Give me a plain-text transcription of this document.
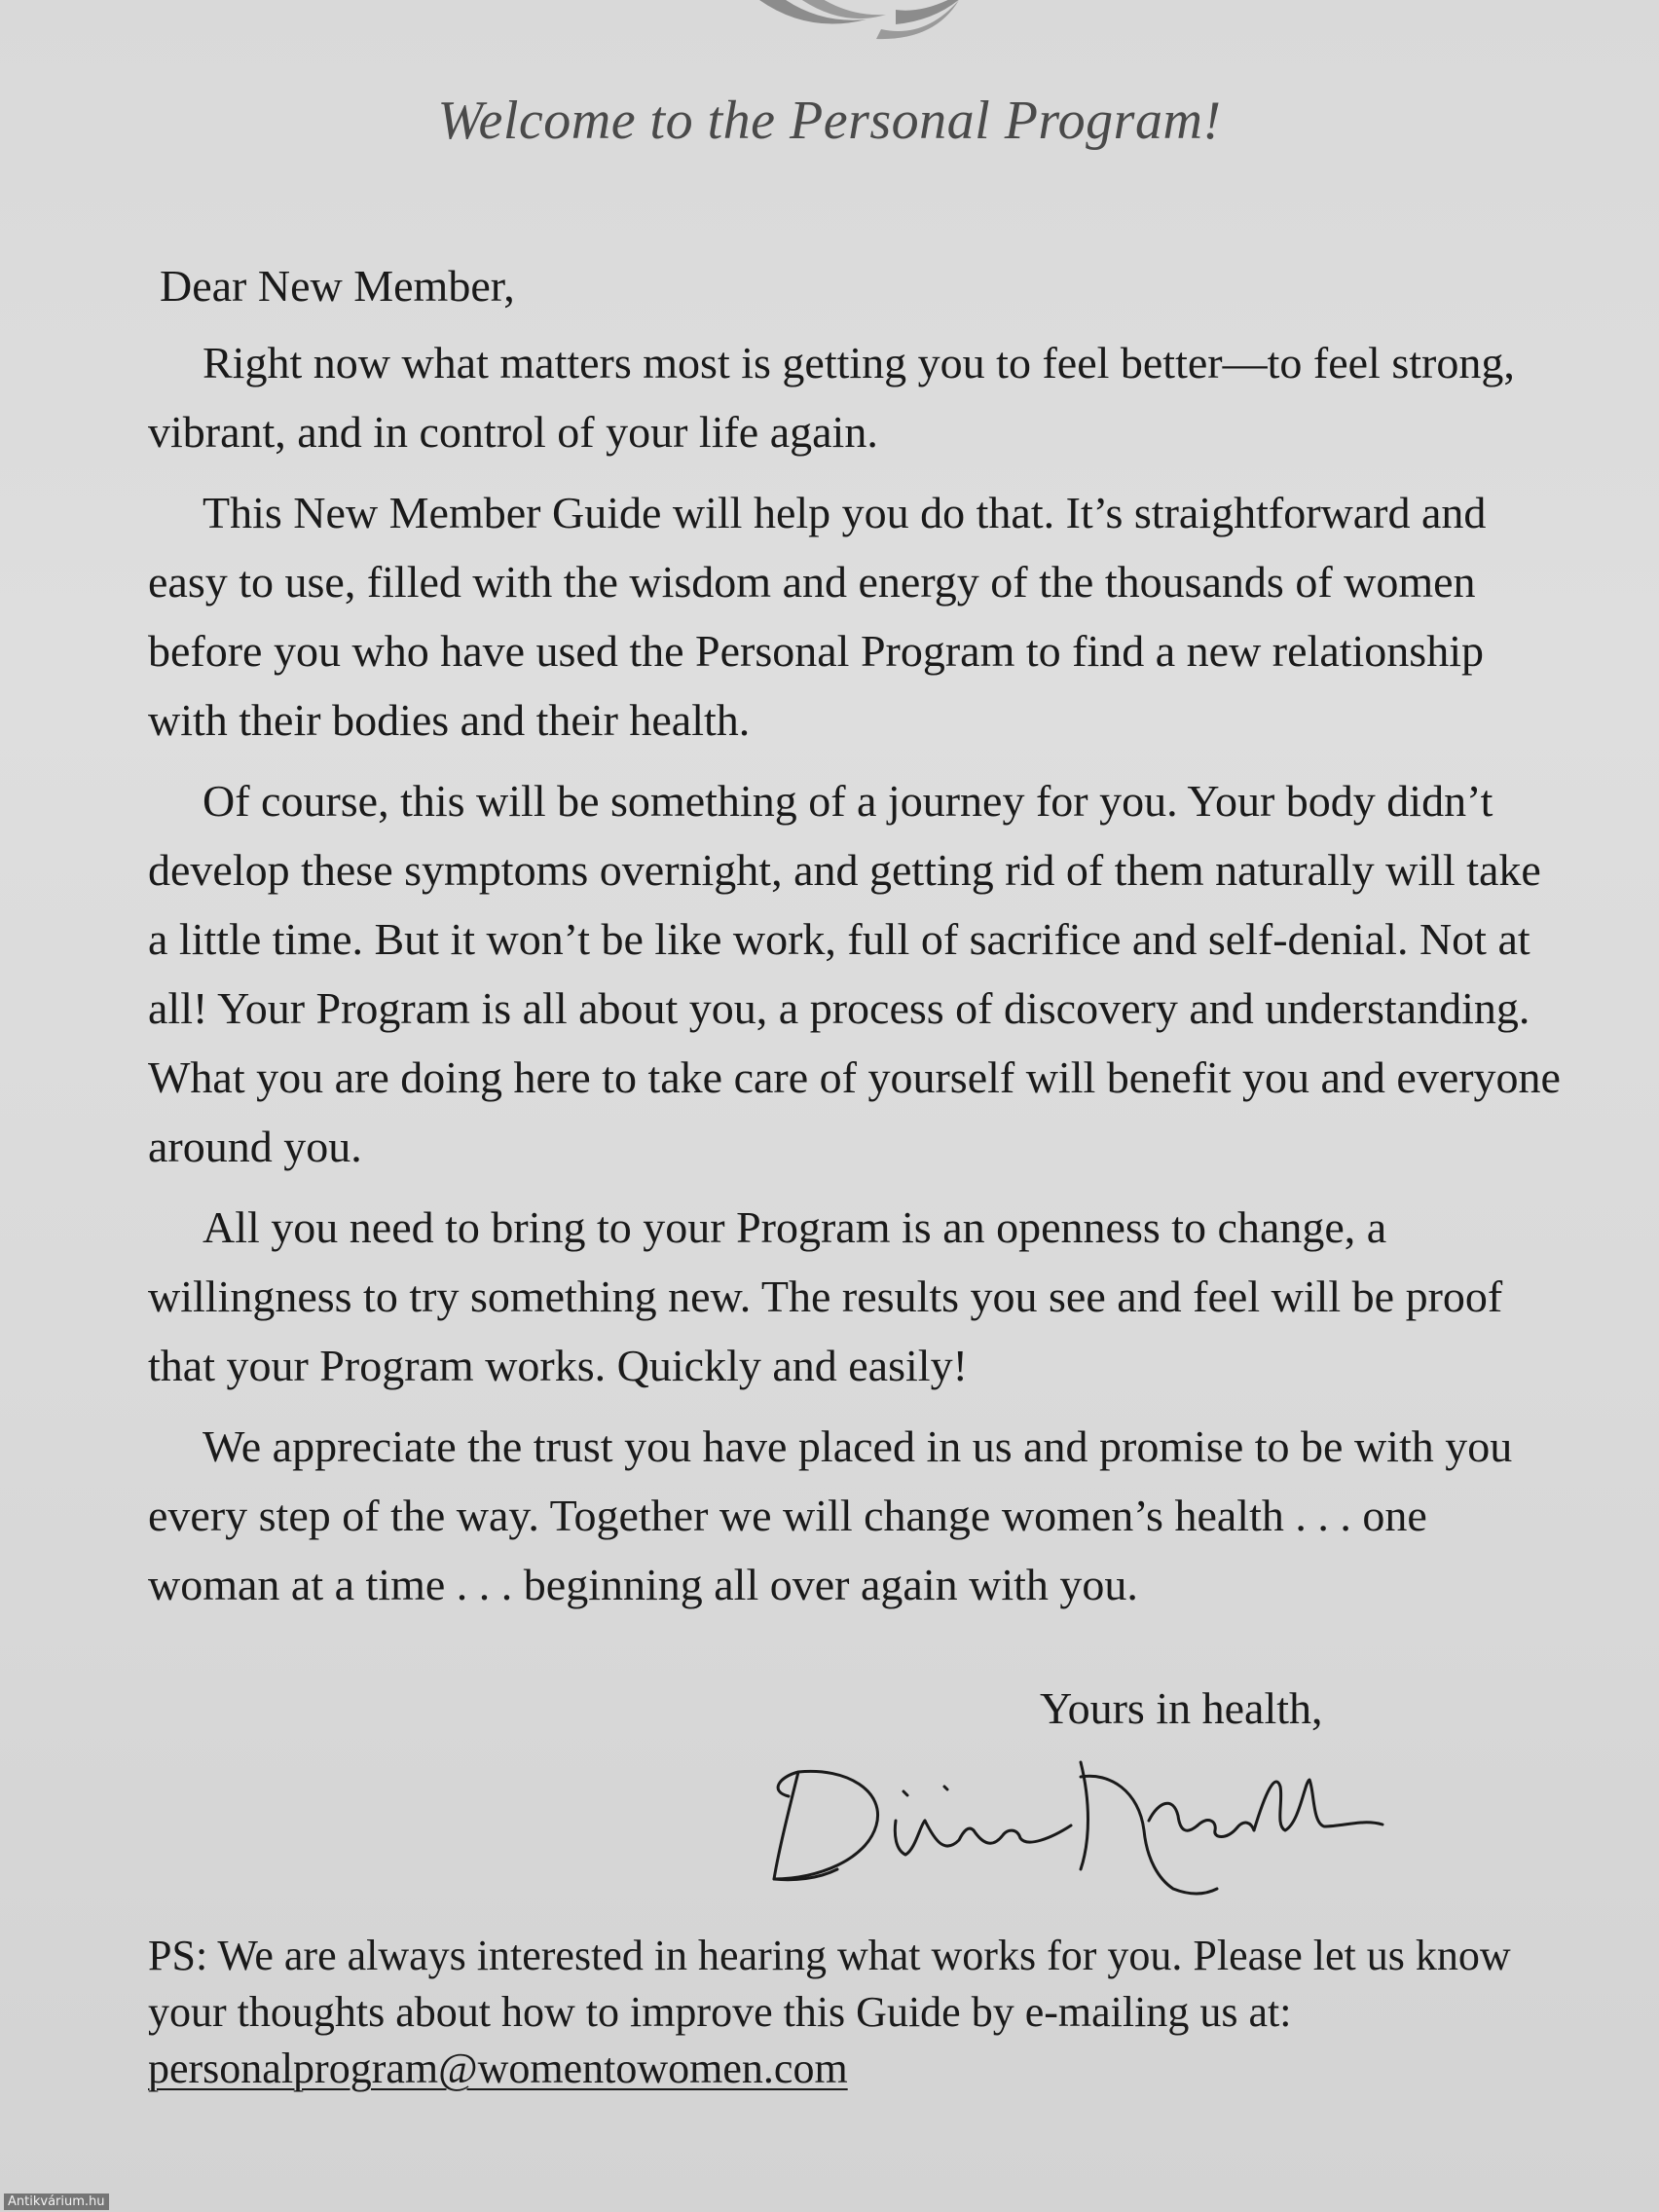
Welcome to the Personal Program!
Dear New Member,

Right now what matters most is getting you to feel better—to feel strong, vibrant, and in control of your life again.

This New Member Guide will help you do that. It’s straightforward and easy to use, filled with the wisdom and energy of the thousands of women before you who have used the Personal Program to find a new relationship with their bodies and their health.

Of course, this will be something of a journey for you. Your body didn’t develop these symptoms overnight, and getting rid of them naturally will take a little time. But it won’t be like work, full of sacrifice and self-denial. Not at all! Your Program is all about you, a process of discovery and understanding. What you are doing here to take care of yourself will benefit you and everyone around you.

All you need to bring to your Program is an openness to change, a willingness to try something new. The results you see and feel will be proof that your Program works. Quickly and easily!

We appreciate the trust you have placed in us and promise to be with you every step of the way. Together we will change women’s health . . . one woman at a time . . . beginning all over again with you.

Yours in health,
Dixie Marcelle
PS: We are always interested in hearing what works for you. Please let us know your thoughts about how to improve this Guide by e-mailing us at: personalprogram@womentowomen.com
Antikvárium.hu
